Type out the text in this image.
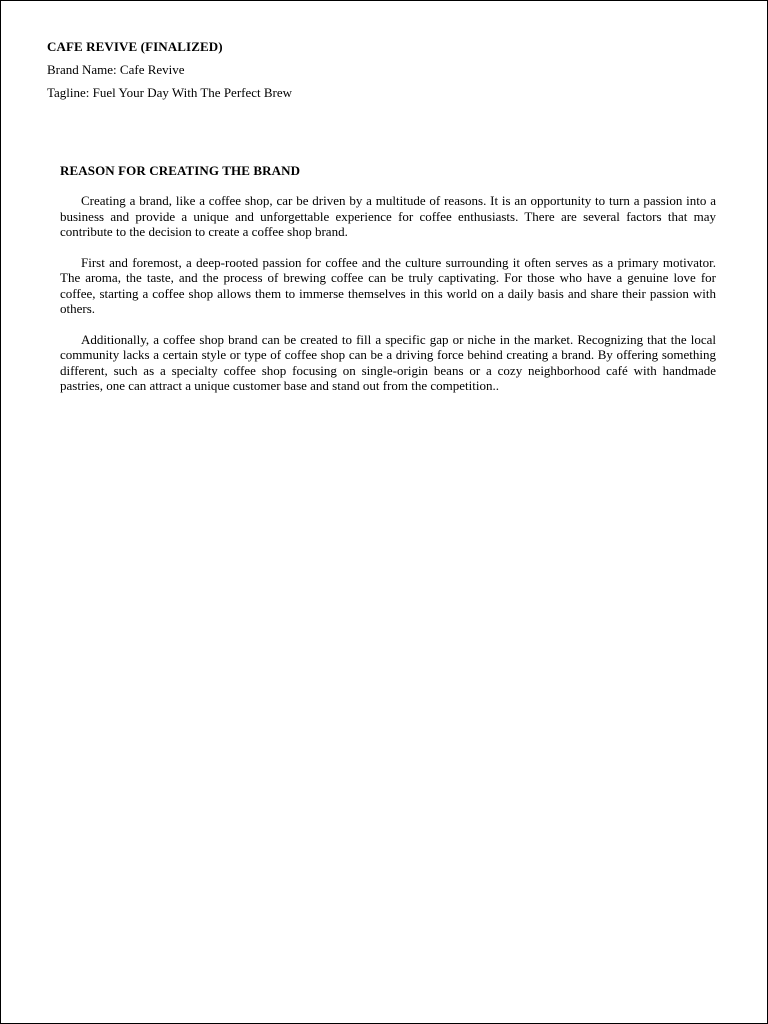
CAFE REVIVE (FINALIZED)

Brand Name: Cafe Revive

Tagline: Fuel Your Day With The Perfect Brew

REASON FOR CREATING THE BRAND

Creating a brand, like a coffee shop, car be driven by a multitude of reasons. It is an opportunity to turn a passion into a business and provide a unique and unforgettable experience for coffee enthusiasts. There are several factors that may contribute to the decision to create a coffee shop brand.

First and foremost, a deep-rooted passion for coffee and the culture surrounding it often serves as a primary motivator. The aroma, the taste, and the process of brewing coffee can be truly captivating. For those who have a genuine love for coffee, starting a coffee shop allows them to immerse themselves in this world on a daily basis and share their passion with others.

Additionally, a coffee shop brand can be created to fill a specific gap or niche in the market. Recognizing that the local community lacks a certain style or type of coffee shop can be a driving force behind creating a brand. By offering something different, such as a specialty coffee shop focusing on single-origin beans or a cozy neighborhood café with handmade pastries, one can attract a unique customer base and stand out from the competition..
